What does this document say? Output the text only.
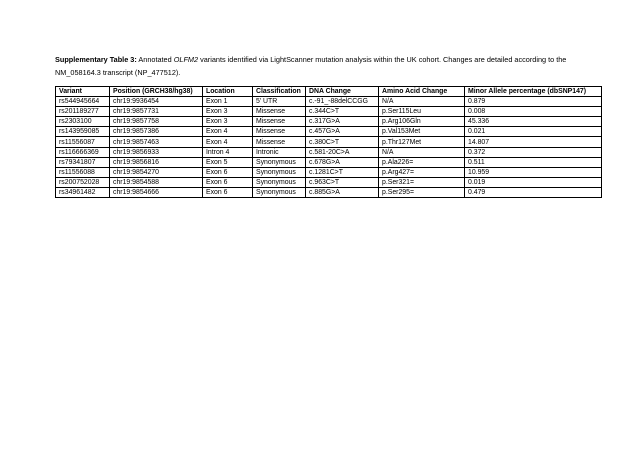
Supplementary Table 3: Annotated OLFM2 variants identified via LightScanner mutation analysis within the UK cohort. Changes are detailed according to the NM_058164.3 transcript (NP_477512).
Variant	Position (GRCH38/hg38)	Location	Classification	DNA Change	Amino Acid Change	Minor Allele percentage (dbSNP147)
rs544945664	chr19:9936454	Exon 1	5' UTR	c.-91_-88delCCGG	N/A	0.879
rs201189277	chr19:9857731	Exon 3	Missense	c.344C>T	p.Ser115Leu	0.008
rs2303100	chr19:9857758	Exon 3	Missense	c.317G>A	p.Arg106Gln	45.336
rs143959085	chr19:9857386	Exon 4	Missense	c.457G>A	p.Val153Met	0.021
rs11556087	chr19:9857463	Exon 4	Missense	c.380C>T	p.Thr127Met	14.807
rs116666369	chr19:9856933	Intron 4	Intronic	c.581-20C>A	N/A	0.372
rs79341807	chr19:9856816	Exon 5	Synonymous	c.678G>A	p.Ala226=	0.511
rs11556088	chr19:9854270	Exon 6	Synonymous	c.1281C>T	p.Arg427=	10.959
rs200752028	chr19:9854588	Exon 6	Synonymous	c.963C>T	p.Ser321=	0.019
rs34961482	chr19:9854666	Exon 6	Synonymous	c.885G>A	p.Ser295=	0.479
